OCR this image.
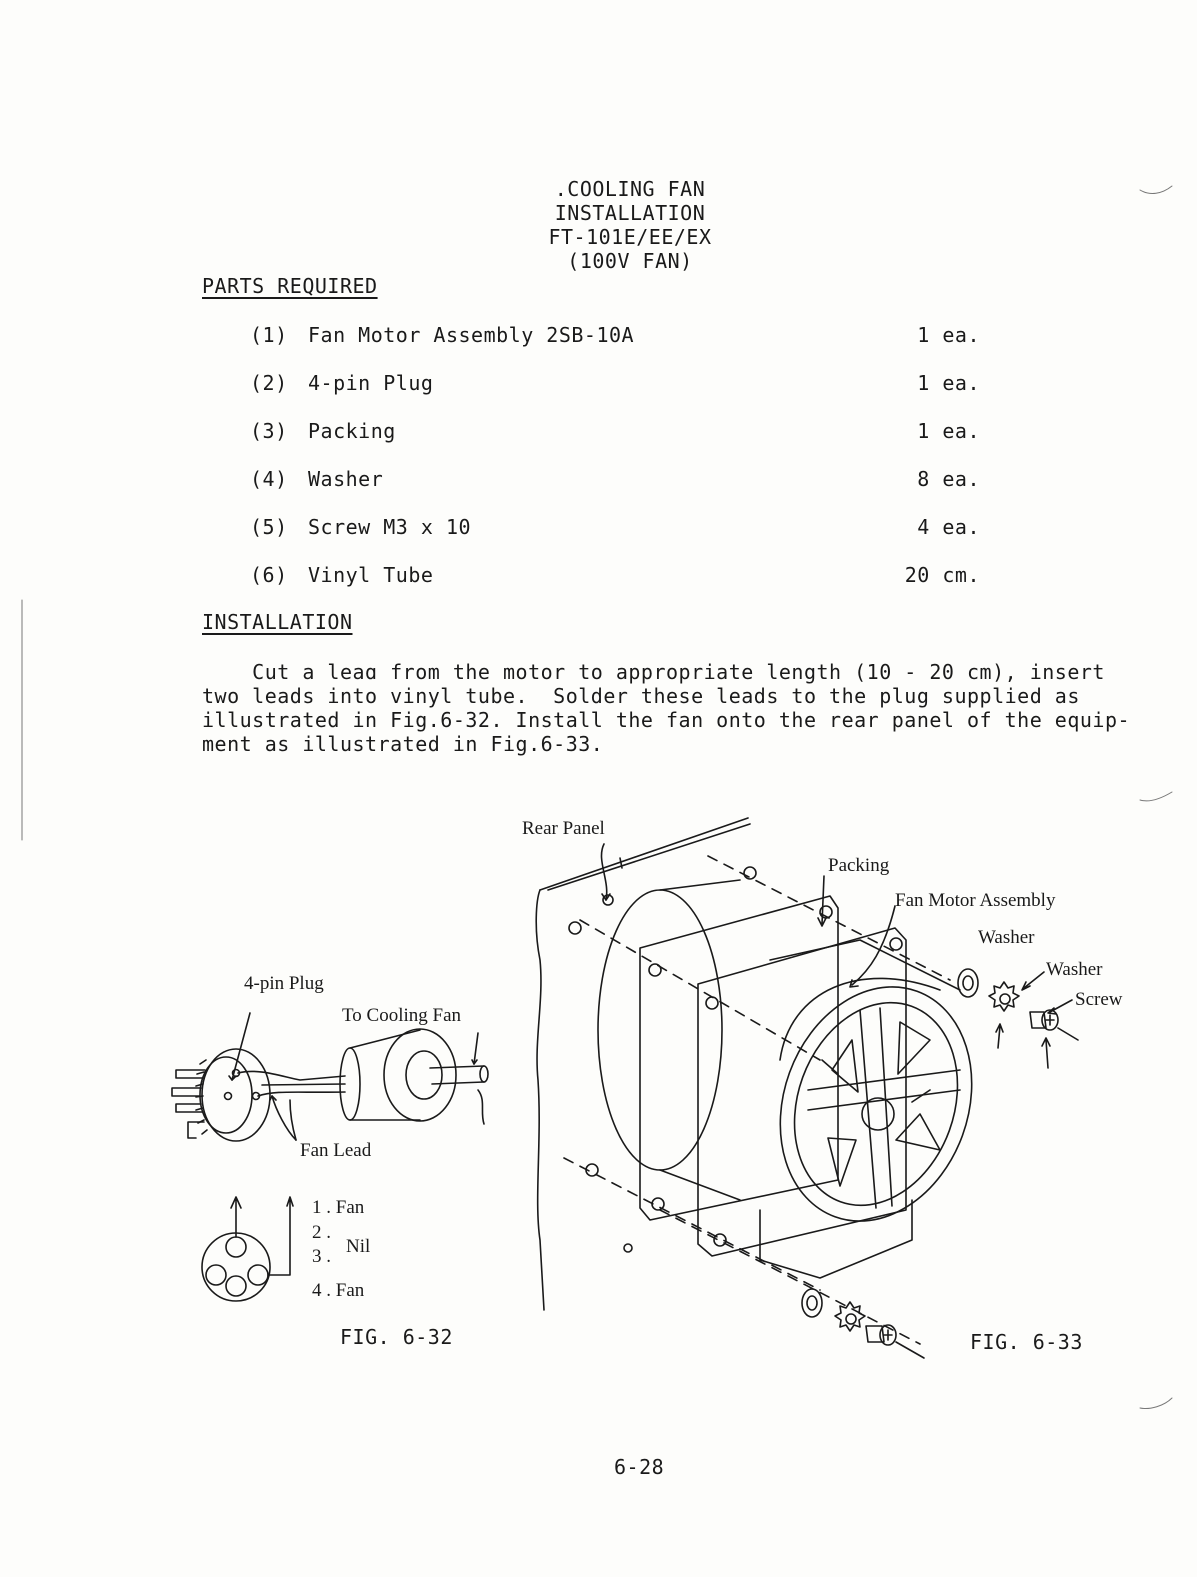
.COOLING FAN INSTALLATION
FT-101E/EE/EX
(100V FAN)
PARTS REQUIRED
(1) Fan Motor Assembly 2SB-10A	1 ea.
(2) 4-pin Plug	1 ea.
(3) Packing	1 ea.
(4) Washer	8 ea.
(5) Screw M3 x 10	4 ea.
(6) Vinyl Tube	20 cm.
INSTALLATION
Cut a leaɑ from the motor to appropriate length (10 - 20 cm), insert
two leads into vinyl tube.  Solder these leads to the plug supplied as
illustrated in Fig.6-32. Install the fan onto the rear panel of the equip-
ment as illustrated in Fig.6-33.
4-pin Plug
To Cooling Fan
Fan Lead
1 . Fan
2 .
3 . Nil
4 . Fan
FIG. 6-32
Rear Panel
Packing
Fan Motor Assembly
Washer
Washer
Screw
FIG. 6-33
6-28
